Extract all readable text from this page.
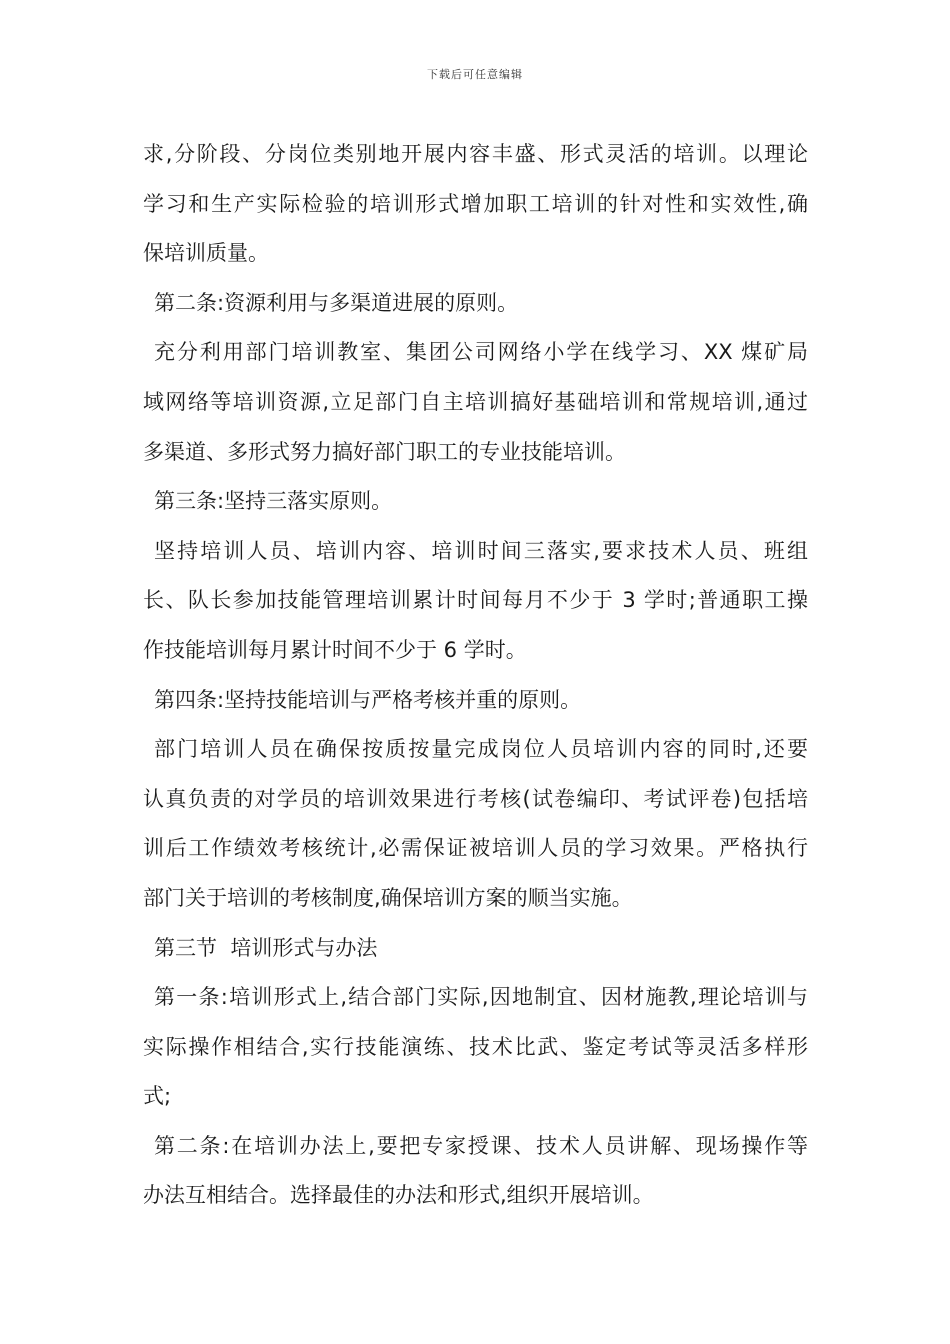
下载后可任意编辑
求,分阶段、分岗位类别地开展内容丰盛、形式灵活的培训。以理论
学习和生产实际检验的培训形式增加职工培训的针对性和实效性,确
保培训质量。
第二条:资源利用与多渠道进展的原则。
充分利用部门培训教室、集团公司网络小学在线学习、XX 煤矿局
域网络等培训资源,立足部门自主培训搞好基础培训和常规培训,通过
多渠道、多形式努力搞好部门职工的专业技能培训。
第三条:坚持三落实原则。
坚持培训人员、培训内容、培训时间三落实,要求技术人员、班组
长、队长参加技能管理培训累计时间每月不少于 3 学时;普通职工操
作技能培训每月累计时间不少于 6 学时。
第四条:坚持技能培训与严格考核并重的原则。
部门培训人员在确保按质按量完成岗位人员培训内容的同时,还要
认真负责的对学员的培训效果进行考核(试卷编印、考试评卷)包括培
训后工作绩效考核统计,必需保证被培训人员的学习效果。严格执行
部门关于培训的考核制度,确保培训方案的顺当实施。
第三节  培训形式与办法
第一条:培训形式上,结合部门实际,因地制宜、因材施教,理论培训与
实际操作相结合,实行技能演练、技术比武、鉴定考试等灵活多样形
式;
第二条:在培训办法上,要把专家授课、技术人员讲解、现场操作等
办法互相结合。选择最佳的办法和形式,组织开展培训。
